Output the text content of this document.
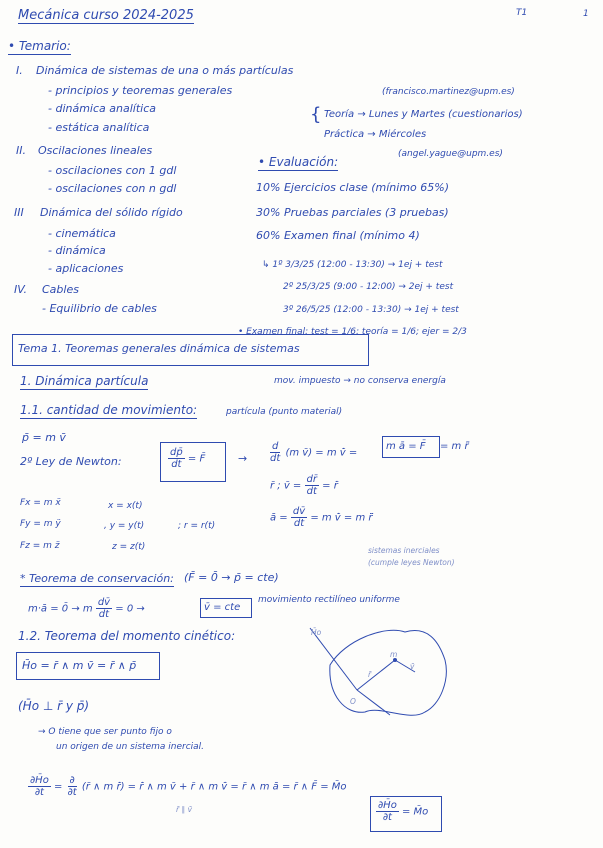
Mecánica curso 2024-2025	T1	1
• Temario:
I. Dinámica de sistemas de una o más partículas
- principios y teoremas generales
- dinámica analítica
- estática analítica
II. Oscilaciones lineales
- oscilaciones con 1 gdl
- oscilaciones con n gdl
III Dinámica del sólido rígido
- cinemática
- dinámica
- aplicaciones
IV. Cables
- Equilibrio de cables
(francisco.martinez@upm.es)
{ Teoría → Lunes y Martes (cuestionarios)
Práctica → Miércoles
(angel.yague@upm.es)
• Evaluación:
10% Ejercicios clase (mínimo 65%)
30% Pruebas parciales (3 pruebas)
60% Examen final (mínimo 4)
↳ 1º 3/3/25 (12:00 - 13:30) → 1ej + test
2º 25/3/25 (9:00 - 12:00) → 2ej + test
3º 26/5/25 (12:00 - 13:30) → 1ej + test
• Examen final: test = 1/6; teoría = 1/6; ejer = 2/3
Tema 1. Teoremas generales dinámica de sistemas
1. Dinámica partícula	mov. impuesto → no conserva energía
1.1. cantidad de movimiento:	partícula (punto material)
p̄ = m v̄
2º Ley de Newton:	$\frac{dp̄}{dt}$ = F̄	→ $\frac{d}{dt} (m$ v̄) = m v̄̇ =
m ā = F̄ = m r̄̈
r̄ ; v̄ = $\frac{dr̄}{dt}$ = r̄̇
ā = $\frac{dv̄}{dt} = m$ v̄̇ = m r̄̈
Fx = m ẍ
Fy = m ÿ
Fz = m z̈
x = x(t)
, y = y(t)
z = z(t)
; r = r(t)
sistemas inerciales
(cumple leyes Newton)
* Teorema de conservación: (F̄ = 0̄ → p̄ = cte)
m·ā = 0̄ → m $\frac{dv̄}{dt} = 0$ →	v̄ = cte
movimiento rectilíneo uniforme
1.2. Teorema del momento cinético:
H̄o = r̄ ∧ m v̄ = r̄ ∧ p̄
(H̄o ⊥ r̄ y p̄)
→ O tiene que ser punto fijo o
un origen de un sistema inercial.
H̄o
O
r̄
v̄
m
$\frac{\partial H̄o}{\partial t} = \frac{\partial}{\partial t}$ (r̄ ∧ m r̄̇) = r̄̇ ∧ m v̄ + r̄ ∧ m v̄̇ = r̄ ∧ m ā = r̄ ∧ F̄ = M̄o
r̄ ∥ v̄	$\frac{\partial H̄o}{\partial t}$ = M̄o
